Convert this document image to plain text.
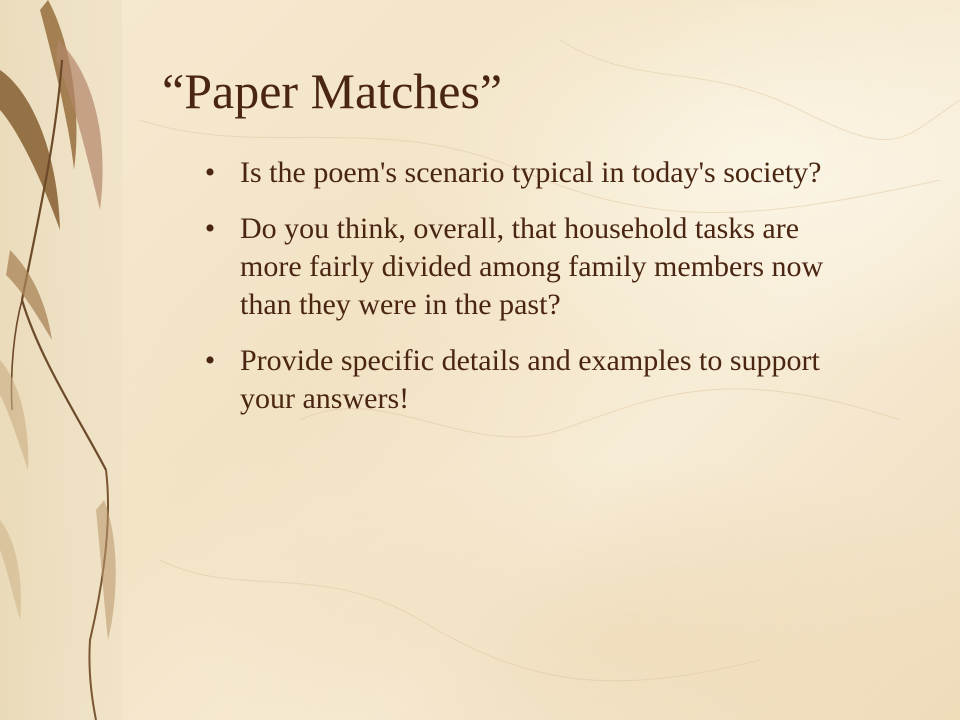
“Paper Matches”
• Is the poem's scenario typical in today's society?
• Do you think, overall, that household tasks are more fairly divided among family members now than they were in the past?
• Provide specific details and examples to support your answers!
